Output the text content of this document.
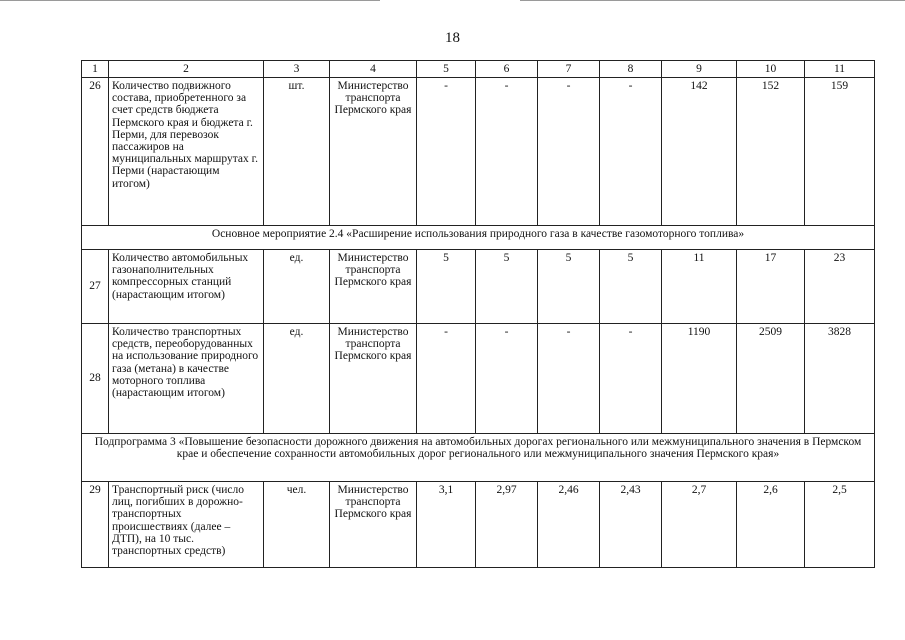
18
1	2	3	4	5	6	7	8	9	10	11
26	Количество подвижного состава, приобретенного за счет средств бюджета Пермского края и бюджета г. Перми, для перевозок пассажиров на муниципальных маршрутах г. Перми (нарастающим итогом)	шт.	Министерство транспорта Пермского края	-	-	-	-	142	152	159
Основное мероприятие 2.4 «Расширение использования природного газа в качестве газомоторного топлива»										
27	Количество автомобильных газонаполнительных компрессорных станций (нарастающим итогом)	ед.	Министерство транспорта Пермского края	5	5	5	5	11	17	23
28	Количество транспортных средств, переоборудованных на использование природного газа (метана) в качестве моторного топлива (нарастающим итогом)	ед.	Министерство транспорта Пермского края	-	-	-	-	1190	2509	3828
Подпрограмма 3 «Повышение безопасности дорожного движения на автомобильных дорогах регионального или межмуниципального значения в Пермском крае и обеспечение сохранности автомобильных дорог регионального или межмуниципального значения Пермского края»										
29	Транспортный риск (число лиц, погибших в дорожно-транспортных происшествиях (далее – ДТП), на 10 тыс. транспортных средств)	чел.	Министерство транспорта Пермского края	3,1	2,97	2,46	2,43	2,7	2,6	2,5
